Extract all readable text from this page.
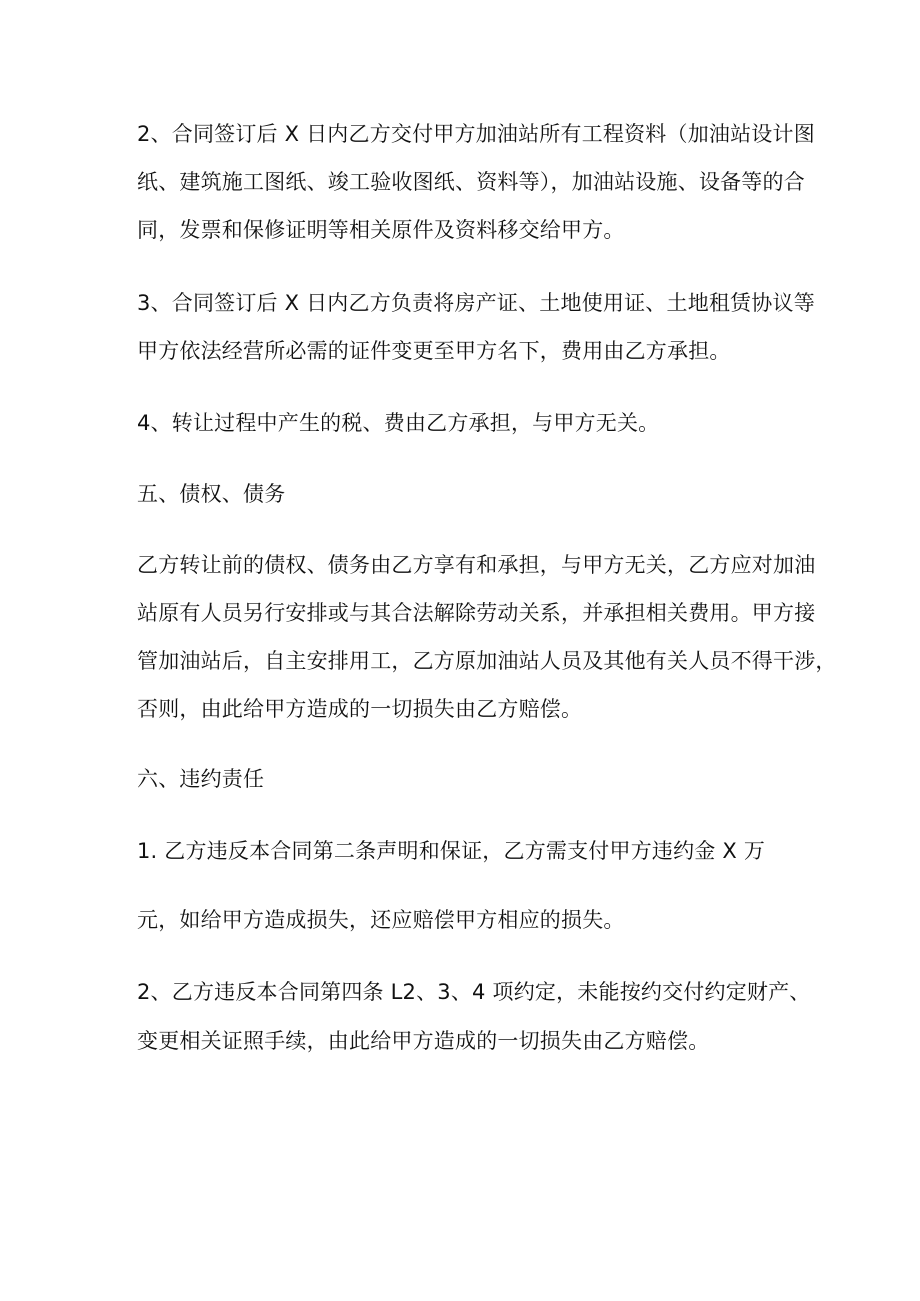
2、合同签订后 X 日内乙方交付甲方加油站所有工程资料（加油站设计图
纸、建筑施工图纸、竣工验收图纸、资料等），加油站设施、设备等的合
同，发票和保修证明等相关原件及资料移交给甲方。
3、合同签订后 X 日内乙方负责将房产证、土地使用证、土地租赁协议等
甲方依法经营所必需的证件变更至甲方名下，费用由乙方承担。
4、转让过程中产生的税、费由乙方承担，与甲方无关。
五、债权、债务
乙方转让前的债权、债务由乙方享有和承担，与甲方无关，乙方应对加油
站原有人员另行安排或与其合法解除劳动关系，并承担相关费用。甲方接
管加油站后，自主安排用工，乙方原加油站人员及其他有关人员不得干涉，
否则，由此给甲方造成的一切损失由乙方赔偿。
六、违约责任
1. 乙方违反本合同第二条声明和保证，乙方需支付甲方违约金 X 万
元，如给甲方造成损失，还应赔偿甲方相应的损失。
2、乙方违反本合同第四条 L2、3、4 项约定，未能按约交付约定财产、
变更相关证照手续，由此给甲方造成的一切损失由乙方赔偿。
